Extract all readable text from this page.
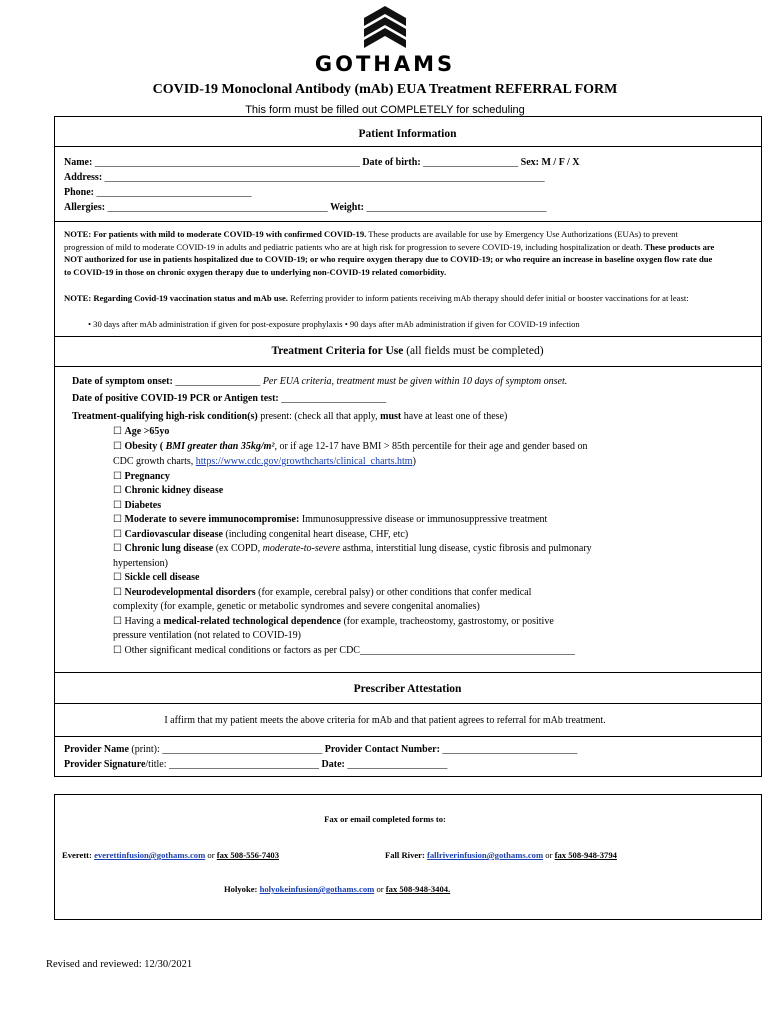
GOTHAMS
COVID-19 Monoclonal Antibody (mAb) EUA Treatment REFERRAL FORM
This form must be filled out COMPLETELY for scheduling
Patient Information
Name: _____________________________________________________ Date of birth: ___________________ Sex: M / F / X
Address: ________________________________________________________________________________________
Phone: _______________________________
Allergies: ____________________________________________ Weight: ____________________________________
NOTE: For patients with mild to moderate COVID-19 with confirmed COVID-19. These products are available for use by Emergency Use Authorizations (EUAs) to prevent progression of mild to moderate COVID-19 in adults and pediatric patients who are at high risk for progression to severe COVID-19, including hospitalization or death. These products are NOT authorized for use in patients hospitalized due to COVID-19; or who require oxygen therapy due to COVID-19; or who require an increase in baseline oxygen flow rate due to COVID-19 in those on chronic oxygen therapy due to underlying non-COVID-19 related comorbidity.
NOTE: Regarding Covid-19 vaccination status and mAb use. Referring provider to inform patients receiving mAb therapy should defer initial or booster vaccinations for at least:
• 30 days after mAb administration if given for post-exposure prophylaxis • 90 days after mAb administration if given for COVID-19 infection
Treatment Criteria for Use (all fields must be completed)
Date of symptom onset: _________________ Per EUA criteria, treatment must be given within 10 days of symptom onset.
Date of positive COVID-19 PCR or Antigen test: _____________________
Treatment-qualifying high-risk condition(s) present: (check all that apply, must have at least one of these)
☐ Age >65yo
☐ Obesity ( BMI greater than 35kg/m², or if age 12-17 have BMI > 85th percentile for their age and gender based on
CDC growth charts, https://www.cdc.gov/growthcharts/clinical_charts.htm)
☐ Pregnancy
☐ Chronic kidney disease
☐ Diabetes
☐ Moderate to severe immunocompromise: Immunosuppressive disease or immunosuppressive treatment
☐ Cardiovascular disease (including congenital heart disease, CHF, etc)
☐ Chronic lung disease (ex COPD, moderate-to-severe asthma, interstitial lung disease, cystic fibrosis and pulmonary
hypertension)
☐ Sickle cell disease
☐ Neurodevelopmental disorders (for example, cerebral palsy) or other conditions that confer medical
complexity (for example, genetic or metabolic syndromes and severe congenital anomalies)
☐ Having a medical-related technological dependence (for example, tracheostomy, gastrostomy, or positive
pressure ventilation (not related to COVID-19)
☐ Other significant medical conditions or factors as per CDC___________________________________________
Prescriber Attestation
I affirm that my patient meets the above criteria for mAb and that patient agrees to referral for mAb treatment.
Provider Name (print): ________________________________ Provider Contact Number: ___________________________
Provider Signature/title: ______________________________ Date: ____________________
Fax or email completed forms to:
Everett: everettinfusion@gothams.com or fax 508-556-7403	Fall River: fallriverinfusion@gothams.com or fax 508-948-3794
Holyoke: holyokeinfusion@gothams.com or fax 508-948-3404.
Revised and reviewed: 12/30/2021
